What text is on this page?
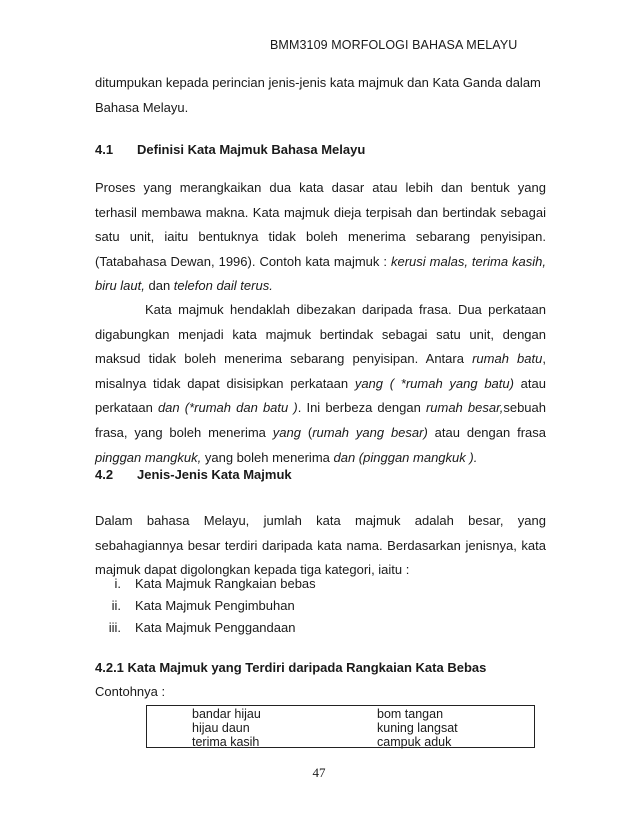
BMM3109 MORFOLOGI BAHASA MELAYU
ditumpukan kepada perincian jenis-jenis kata majmuk dan Kata Ganda dalam
Bahasa Melayu.
4.1 Definisi Kata Majmuk Bahasa Melayu
Proses yang merangkaikan dua kata dasar atau lebih dan bentuk yang terhasil membawa makna. Kata majmuk dieja terpisah dan bertindak sebagai satu unit, iaitu bentuknya tidak boleh menerima sebarang penyisipan. (Tatabahasa Dewan, 1996). Contoh kata majmuk : kerusi malas, terima kasih, biru laut, dan telefon dail terus.
Kata majmuk hendaklah dibezakan daripada frasa. Dua perkataan digabungkan menjadi kata majmuk bertindak sebagai satu unit, dengan maksud tidak boleh menerima sebarang penyisipan. Antara rumah batu, misalnya tidak dapat disisipkan perkataan yang ( *rumah yang batu) atau perkataan dan (*rumah dan batu ). Ini berbeza dengan rumah besar,sebuah frasa, yang boleh menerima yang (rumah yang besar) atau dengan frasa pinggan mangkuk, yang boleh menerima dan (pinggan mangkuk ).
4.2 Jenis-Jenis Kata Majmuk
Dalam bahasa Melayu, jumlah kata majmuk adalah besar, yang sebahagiannya besar terdiri daripada kata nama. Berdasarkan jenisnya, kata majmuk dapat digolongkan kepada tiga kategori, iaitu :
i. Kata Majmuk Rangkaian bebas
ii. Kata Majmuk Pengimbuhan
iii. Kata Majmuk Penggandaan
4.2.1 Kata Majmuk yang Terdiri daripada Rangkaian Kata Bebas
Contohnya :
bandar hijau
hijau daun
terima kasih
bom tangan
kuning langsat
campuk aduk
47
